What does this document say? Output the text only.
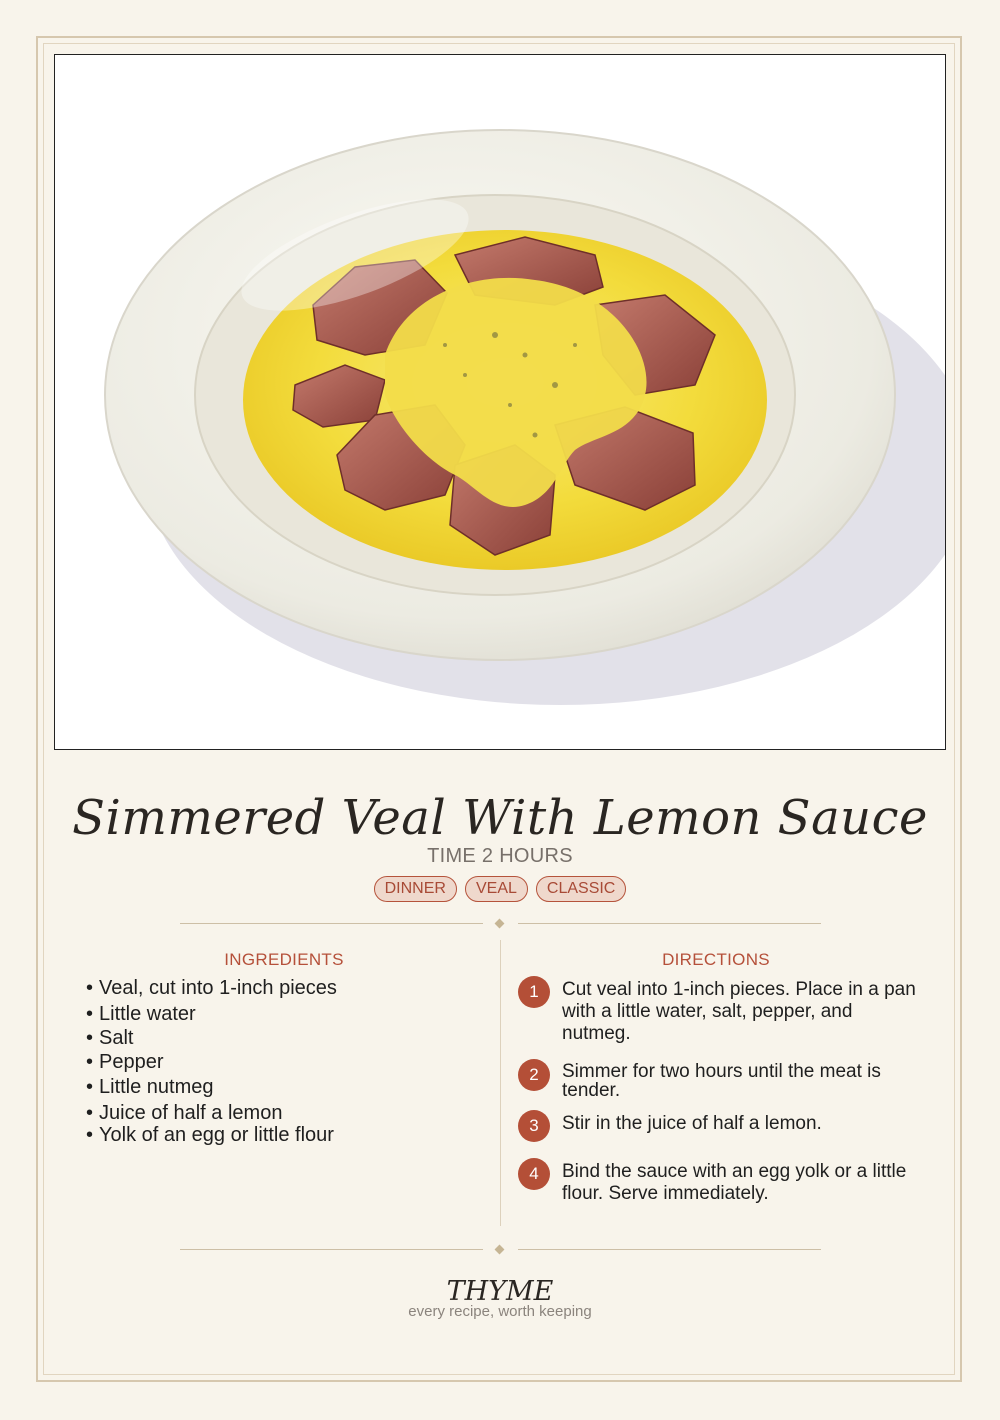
Simmered Veal With Lemon Sauce
TIME 2 HOURS
DINNER	VEAL	CLASSIC
INGREDIENTS	DIRECTIONS
• Veal, cut into 1-inch pieces
• Little water
• Salt
• Pepper
• Little nutmeg
• Juice of half a lemon
• Yolk of an egg or little flour
1	Cut veal into 1-inch pieces. Place in a pan with a little water, salt, pepper, and nutmeg.
2	Simmer for two hours until the meat is tender.
3	Stir in the juice of half a lemon.
4	Bind the sauce with an egg yolk or a little flour. Serve immediately.
THYME
every recipe, worth keeping
